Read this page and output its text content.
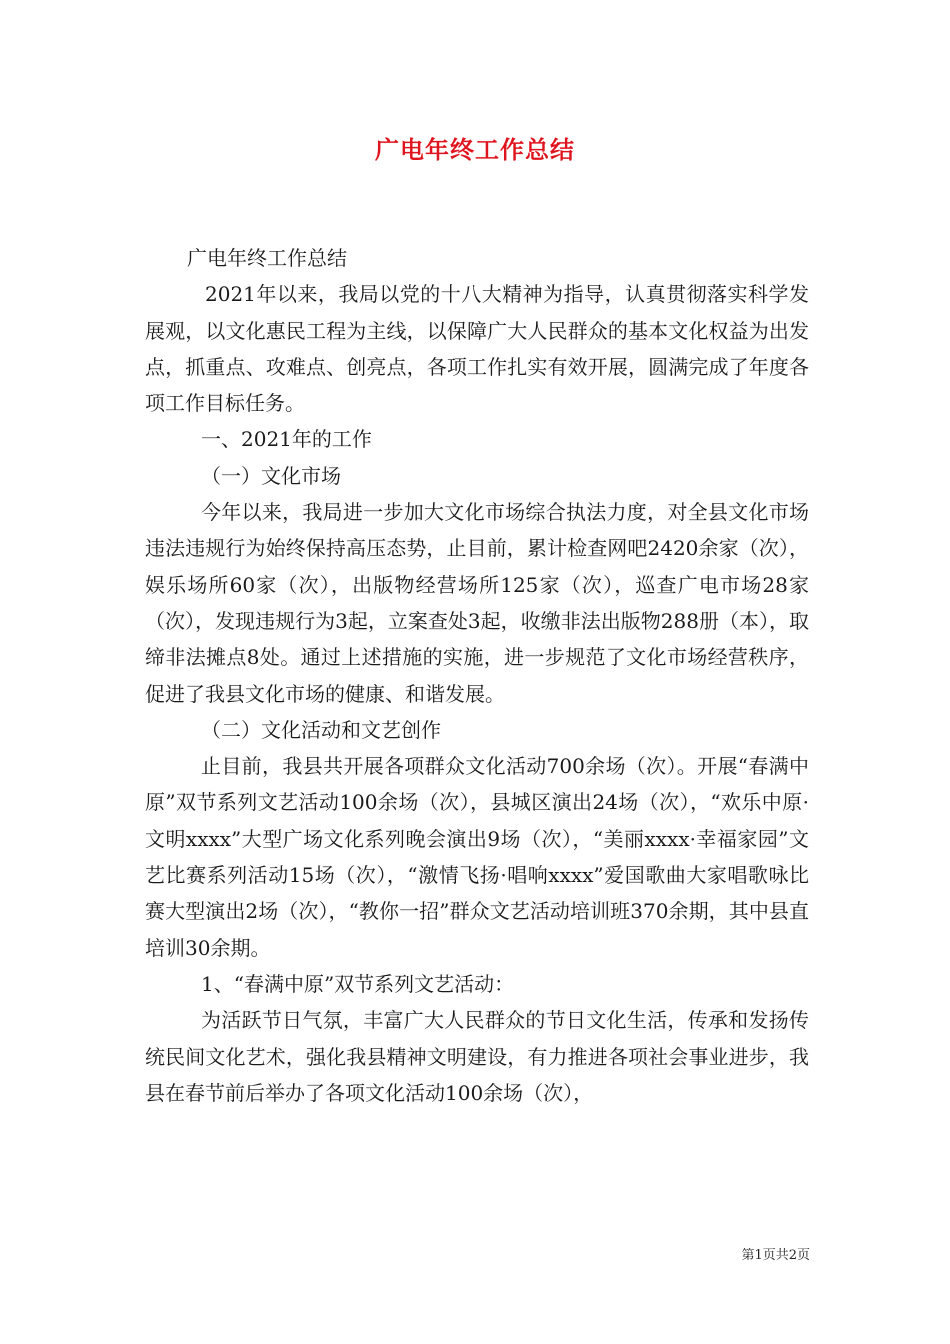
广电年终工作总结

广电年终工作总结

2021年以来，我局以党的十八大精神为指导，认真贯彻落实科学发展观，以文化惠民工程为主线，以保障广大人民群众的基本文化权益为出发点，抓重点、攻难点、创亮点，各项工作扎实有效开展，圆满完成了年度各项工作目标任务。

一、2021年的工作

（一）文化市场

今年以来，我局进一步加大文化市场综合执法力度，对全县文化市场违法违规行为始终保持高压态势，止目前，累计检查网吧2420余家（次），娱乐场所60家（次），出版物经营场所125家（次），巡查广电市场28家（次），发现违规行为3起，立案查处3起，收缴非法出版物288册（本），取缔非法摊点8处。通过上述措施的实施，进一步规范了文化市场经营秩序，促进了我县文化市场的健康、和谐发展。

（二）文化活动和文艺创作

止目前，我县共开展各项群众文化活动700余场（次）。开展“春满中原”双节系列文艺活动100余场（次），县城区演出24场（次），“欢乐中原·文明xxxx”大型广场文化系列晚会演出9场（次），“美丽xxxx·幸福家园”文艺比赛系列活动15场（次），“激情飞扬·唱响xxxx”爱国歌曲大家唱歌咏比赛大型演出2场（次），“教你一招”群众文艺活动培训班370余期，其中县直培训30余期。

1、“春满中原”双节系列文艺活动：

为活跃节日气氛，丰富广大人民群众的节日文化生活，传承和发扬传统民间文化艺术，强化我县精神文明建设，有力推进各项社会事业进步，我县在春节前后举办了各项文化活动100余场（次），

第1页共2页
